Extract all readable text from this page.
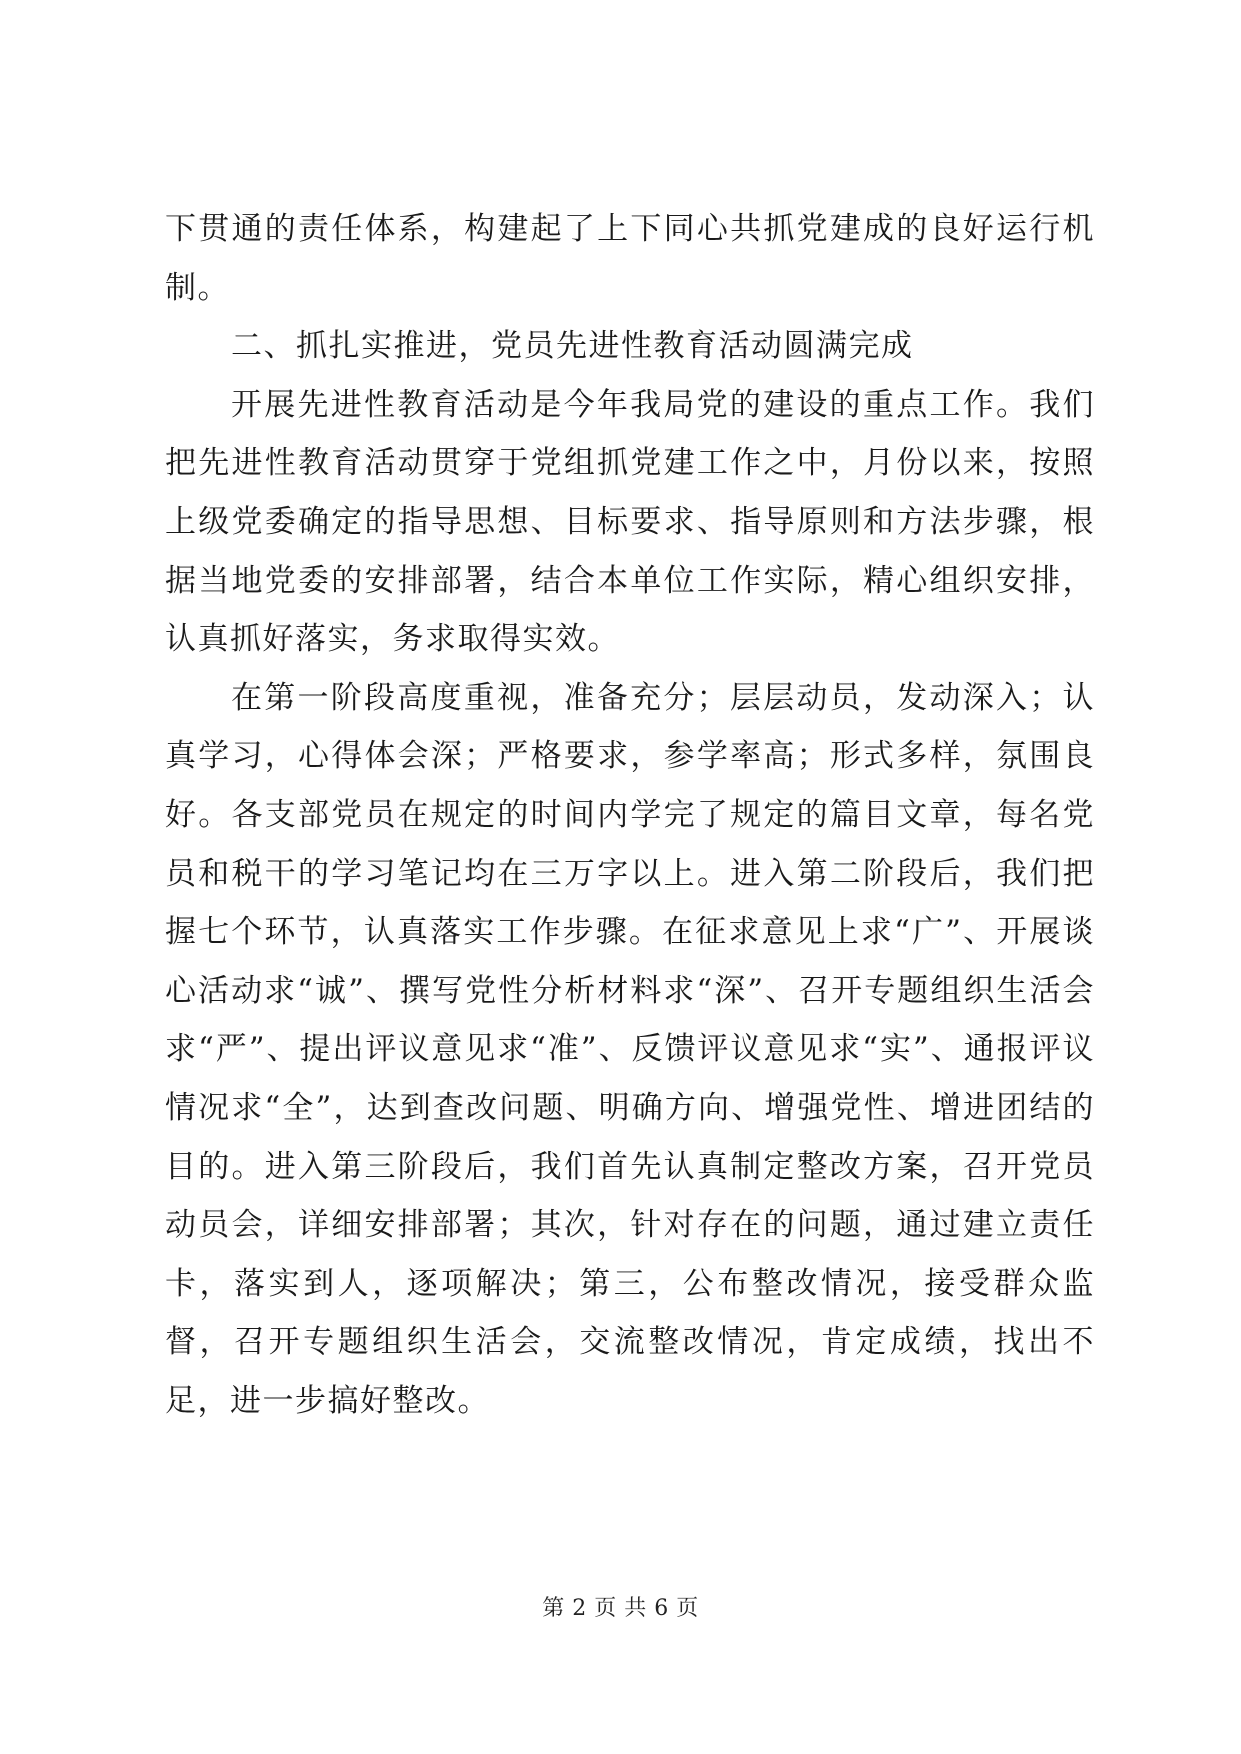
下贯通的责任体系，构建起了上下同心共抓党建成的良好运行机制。

二、抓扎实推进，党员先进性教育活动圆满完成

开展先进性教育活动是今年我局党的建设的重点工作。我们把先进性教育活动贯穿于党组抓党建工作之中，月份以来，按照上级党委确定的指导思想、目标要求、指导原则和方法步骤，根据当地党委的安排部署，结合本单位工作实际，精心组织安排，认真抓好落实，务求取得实效。

在第一阶段高度重视，准备充分；层层动员，发动深入；认真学习，心得体会深；严格要求，参学率高；形式多样，氛围良好。各支部党员在规定的时间内学完了规定的篇目文章，每名党员和税干的学习笔记均在三万字以上。进入第二阶段后，我们把握七个环节，认真落实工作步骤。在征求意见上求“广”、开展谈心活动求“诚”、撰写党性分析材料求“深”、召开专题组织生活会求“严”、提出评议意见求“准”、反馈评议意见求“实”、通报评议情况求“全”，达到查改问题、明确方向、增强党性、增进团结的目的。进入第三阶段后，我们首先认真制定整改方案，召开党员动员会，详细安排部署；其次，针对存在的问题，通过建立责任卡，落实到人，逐项解决；第三，公布整改情况，接受群众监督，召开专题组织生活会，交流整改情况，肯定成绩，找出不足，进一步搞好整改。

第 2 页 共 6 页
